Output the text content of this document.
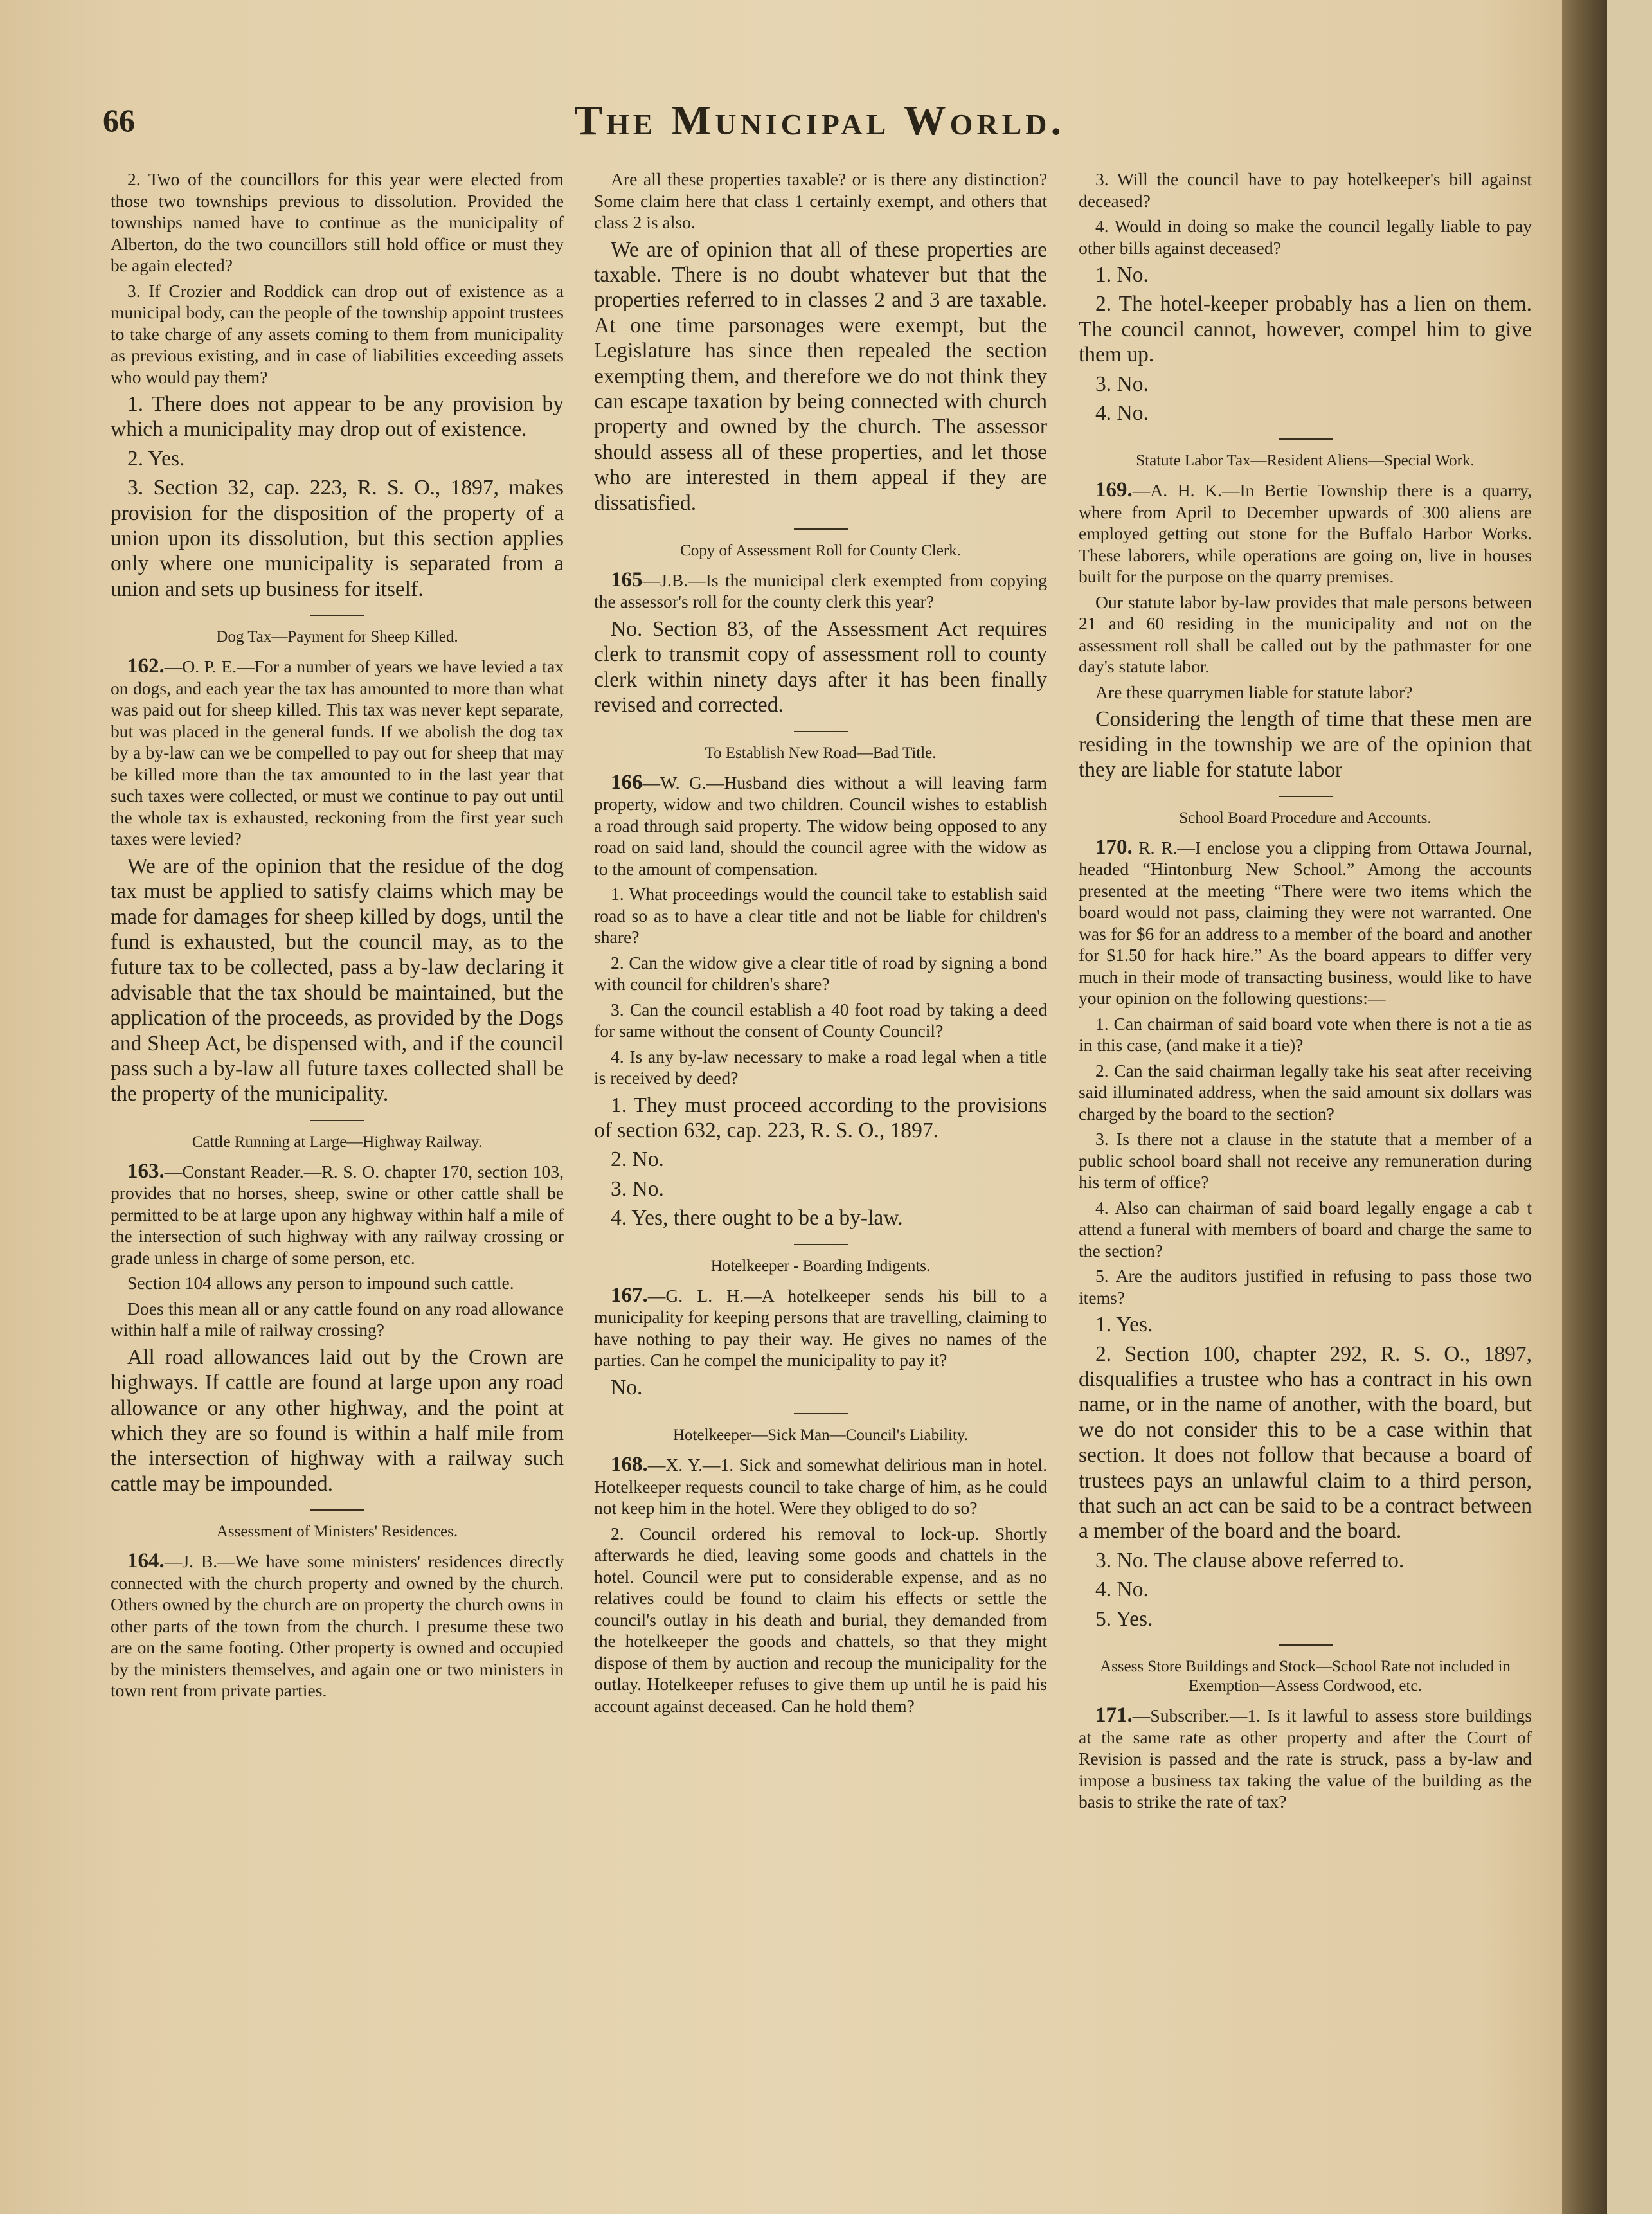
66	The Municipal World.

2. Two of the councillors for this year were elected from those two townships previous to dissolution. Provided the townships named have to continue as the municipality of Alberton, do the two councillors still hold office or must they be again elected?

3. If Crozier and Roddick can drop out of existence as a municipal body, can the people of the township appoint trustees to take charge of any assets coming to them from municipality as previous existing, and in case of liabilities exceeding assets who would pay them?

1. There does not appear to be any provision by which a municipality may drop out of existence.

2. Yes.

3. Section 32, cap. 223, R. S. O., 1897, makes provision for the disposition of the property of a union upon its dissolution, but this section applies only where one municipality is separated from a union and sets up business for itself.

Dog Tax—Payment for Sheep Killed.

162.—O. P. E.—For a number of years we have levied a tax on dogs, and each year the tax has amounted to more than what was paid out for sheep killed. This tax was never kept separate, but was placed in the general funds. If we abolish the dog tax by a by-law can we be compelled to pay out for sheep that may be killed more than the tax amounted to in the last year that such taxes were collected, or must we continue to pay out until the whole tax is exhausted, reckoning from the first year such taxes were levied?

We are of the opinion that the residue of the dog tax must be applied to satisfy claims which may be made for damages for sheep killed by dogs, until the fund is exhausted, but the council may, as to the future tax to be collected, pass a by-law declaring it advisable that the tax should be maintained, but the application of the proceeds, as provided by the Dogs and Sheep Act, be dispensed with, and if the council pass such a by-law all future taxes collected shall be the property of the municipality.

Cattle Running at Large—Highway Railway.

163.—Constant Reader.—R. S. O. chapter 170, section 103, provides that no horses, sheep, swine or other cattle shall be permitted to be at large upon any highway within half a mile of the intersection of such highway with any railway crossing or grade unless in charge of some person, etc.

Section 104 allows any person to impound such cattle.

Does this mean all or any cattle found on any road allowance within half a mile of railway crossing?

All road allowances laid out by the Crown are highways. If cattle are found at large upon any road allowance or any other highway, and the point at which they are so found is within a half mile from the intersection of highway with a railway such cattle may be impounded.

Assessment of Ministers' Residences.

164.—J. B.—We have some ministers' residences directly connected with the church property and owned by the church. Others owned by the church are on property the church owns in other parts of the town from the church. I presume these two are on the same footing. Other property is owned and occupied by the ministers themselves, and again one or two ministers in town rent from private parties.

Are all these properties taxable? or is there any distinction? Some claim here that class 1 certainly exempt, and others that class 2 is also.

We are of opinion that all of these properties are taxable. There is no doubt whatever but that the properties referred to in classes 2 and 3 are taxable. At one time parsonages were exempt, but the Legislature has since then repealed the section exempting them, and therefore we do not think they can escape taxation by being connected with church property and owned by the church. The assessor should assess all of these properties, and let those who are interested in them appeal if they are dissatisfied.

Copy of Assessment Roll for County Clerk.

165—J.B.—Is the municipal clerk exempted from copying the assessor's roll for the county clerk this year?

No. Section 83, of the Assessment Act requires clerk to transmit copy of assessment roll to county clerk within ninety days after it has been finally revised and corrected.

To Establish New Road—Bad Title.

166—W. G.—Husband dies without a will leaving farm property, widow and two children. Council wishes to establish a road through said property. The widow being opposed to any road on said land, should the council agree with the widow as to the amount of compensation.

1. What proceedings would the council take to establish said road so as to have a clear title and not be liable for children's share?

2. Can the widow give a clear title of road by signing a bond with council for children's share?

3. Can the council establish a 40 foot road by taking a deed for same without the consent of County Council?

4. Is any by-law necessary to make a road legal when a title is received by deed?

1. They must proceed according to the provisions of section 632, cap. 223, R. S. O., 1897.

2. No.

3. No.

4. Yes, there ought to be a by-law.

Hotelkeeper - Boarding Indigents.

167.—G. L. H.—A hotelkeeper sends his bill to a municipality for keeping persons that are travelling, claiming to have nothing to pay their way. He gives no names of the parties. Can he compel the municipality to pay it?

No.

Hotelkeeper—Sick Man—Council's Liability.

168.—X. Y.—1. Sick and somewhat delirious man in hotel. Hotelkeeper requests council to take charge of him, as he could not keep him in the hotel. Were they obliged to do so?

2. Council ordered his removal to lock-up. Shortly afterwards he died, leaving some goods and chattels in the hotel. Council were put to considerable expense, and as no relatives could be found to claim his effects or settle the council's outlay in his death and burial, they demanded from the hotelkeeper the goods and chattels, so that they might dispose of them by auction and recoup the municipality for the outlay. Hotelkeeper refuses to give them up until he is paid his account against deceased. Can he hold them?

3. Will the council have to pay hotelkeeper's bill against deceased?

4. Would in doing so make the council legally liable to pay other bills against deceased?

1. No.

2. The hotel-keeper probably has a lien on them. The council cannot, however, compel him to give them up.

3. No.

4. No.

Statute Labor Tax—Resident Aliens—Special Work.

169.—A. H. K.—In Bertie Township there is a quarry, where from April to December upwards of 300 aliens are employed getting out stone for the Buffalo Harbor Works. These laborers, while operations are going on, live in houses built for the purpose on the quarry premises.

Our statute labor by-law provides that male persons between 21 and 60 residing in the municipality and not on the assessment roll shall be called out by the pathmaster for one day's statute labor.

Are these quarrymen liable for statute labor?

Considering the length of time that these men are residing in the township we are of the opinion that they are liable for statute labor

School Board Procedure and Accounts.

170. R. R.—I enclose you a clipping from Ottawa Journal, headed “Hintonburg New School.” Among the accounts presented at the meeting “There were two items which the board would not pass, claiming they were not warranted. One was for $6 for an address to a member of the board and another for $1.50 for hack hire.” As the board appears to differ very much in their mode of transacting business, would like to have your opinion on the following questions:—

1. Can chairman of said board vote when there is not a tie as in this case, (and make it a tie)?

2. Can the said chairman legally take his seat after receiving said illuminated address, when the said amount six dollars was charged by the board to the section?

3. Is there not a clause in the statute that a member of a public school board shall not receive any remuneration during his term of office?

4. Also can chairman of said board legally engage a cab t attend a funeral with members of board and charge the same to the section?

5. Are the auditors justified in refusing to pass those two items?

1. Yes.

2. Section 100, chapter 292, R. S. O., 1897, disqualifies a trustee who has a contract in his own name, or in the name of another, with the board, but we do not consider this to be a case within that section. It does not follow that because a board of trustees pays an unlawful claim to a third person, that such an act can be said to be a contract between a member of the board and the board.

3. No. The clause above referred to.

4. No.

5. Yes.

Assess Store Buildings and Stock—School Rate not included in Exemption—Assess Cordwood, etc.

171.—Subscriber.—1. Is it lawful to assess store buildings at the same rate as other property and after the Court of Revision is passed and the rate is struck, pass a by-law and impose a business tax taking the value of the building as the basis to strike the rate of tax?
